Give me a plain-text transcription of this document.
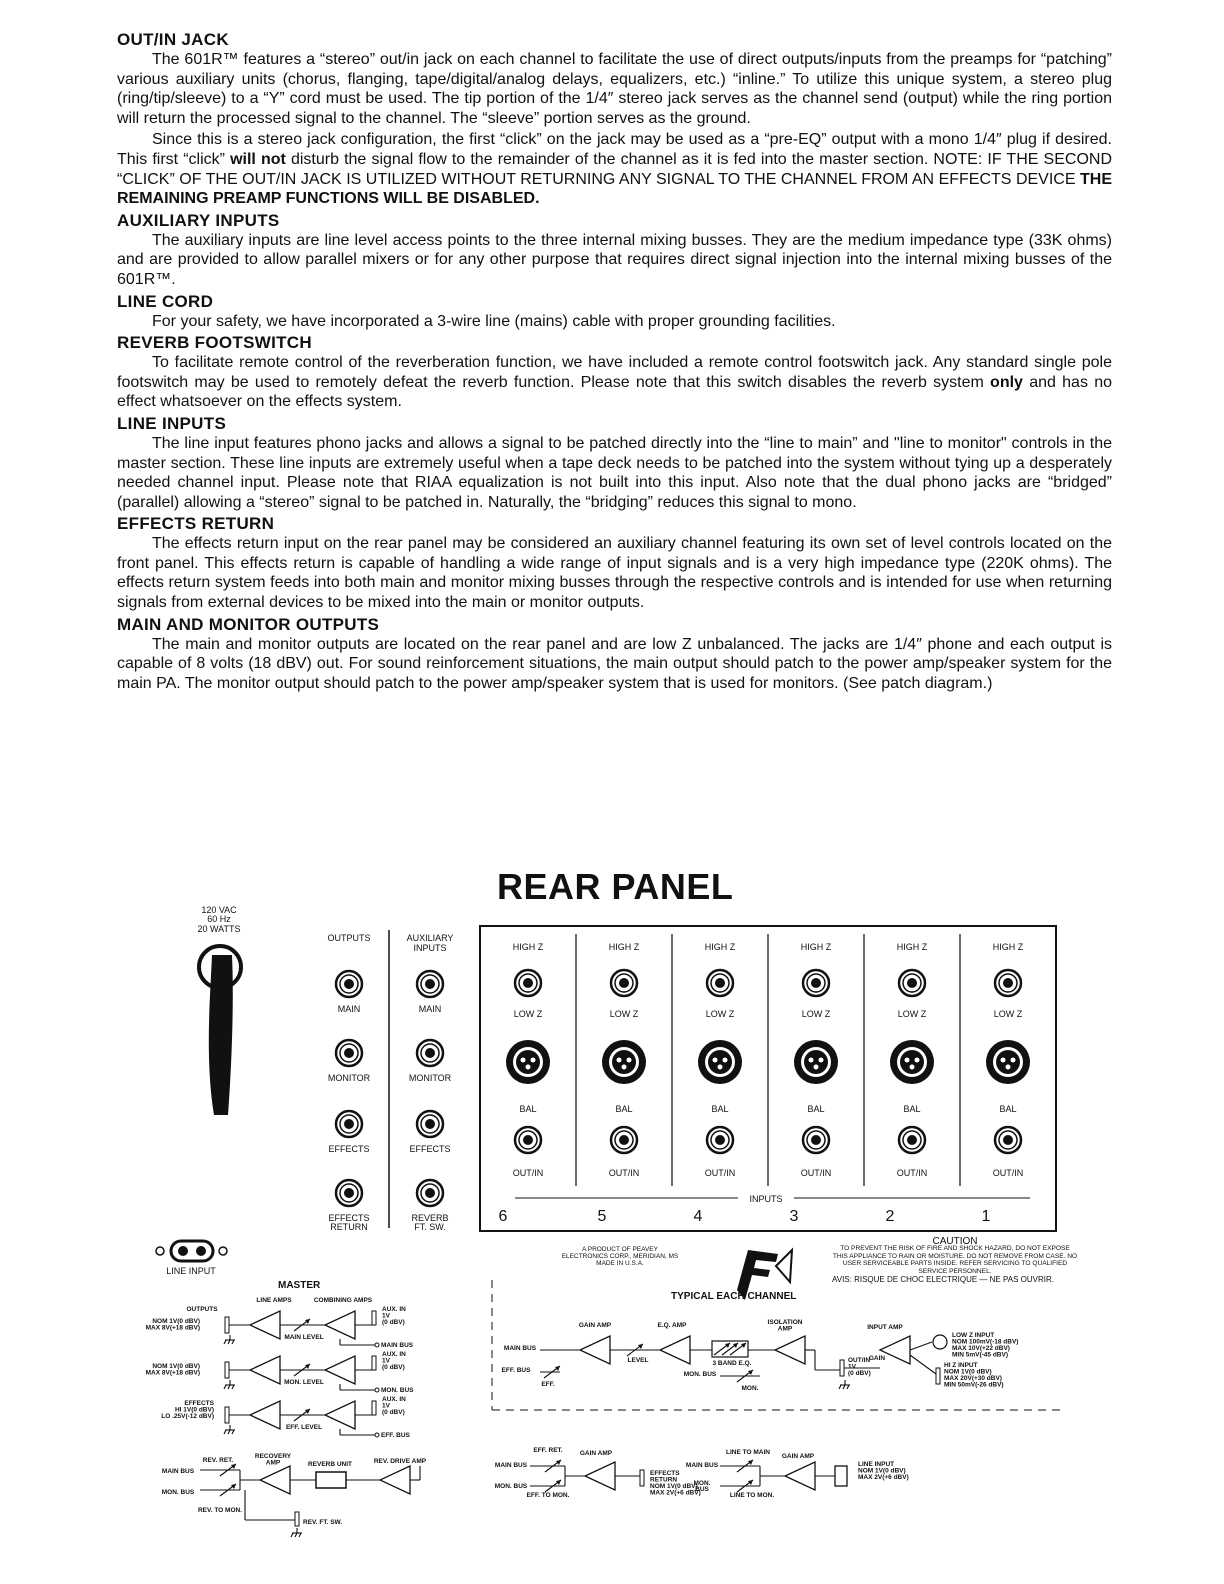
OUT/IN JACK

The 601R™ features a “stereo” out/in jack on each channel to facilitate the use of direct outputs/inputs from the preamps for “patching” various auxiliary units (chorus, flanging, tape/digital/analog delays, equalizers, etc.) “inline.” To utilize this unique system, a stereo plug (ring/tip/sleeve) to a “Y” cord must be used. The tip portion of the 1/4″ stereo jack serves as the channel send (output) while the ring portion will return the processed signal to the channel. The “sleeve” portion serves as the ground.

Since this is a stereo jack configuration, the first “click” on the jack may be used as a “pre-EQ” output with a mono 1/4″ plug if desired. This first “click” will not disturb the signal flow to the remainder of the channel as it is fed into the master section. NOTE: IF THE SECOND “CLICK” OF THE OUT/IN JACK IS UTILIZED WITHOUT RETURNING ANY SIGNAL TO THE CHANNEL FROM AN EFFECTS DEVICE THE REMAINING PREAMP FUNCTIONS WILL BE DISABLED.

AUXILIARY INPUTS

The auxiliary inputs are line level access points to the three internal mixing busses. They are the medium impedance type (33K ohms) and are provided to allow parallel mixers or for any other purpose that requires direct signal injection into the internal mixing busses of the 601R™.

LINE CORD

For your safety, we have incorporated a 3-wire line (mains) cable with proper grounding facilities.

REVERB FOOTSWITCH

To facilitate remote control of the reverberation function, we have included a remote control footswitch jack. Any standard single pole footswitch may be used to remotely defeat the reverb function. Please note that this switch disables the reverb system only and has no effect whatsoever on the effects system.

LINE INPUTS

The line input features phono jacks and allows a signal to be patched directly into the “line to main” and "line to monitor" controls in the master section. These line inputs are extremely useful when a tape deck needs to be patched into the system without tying up a desperately needed channel input. Please note that RIAA equalization is not built into this input. Also note that the dual phono jacks are “bridged” (parallel) allowing a “stereo” signal to be patched in. Naturally, the “bridging” reduces this signal to mono.

EFFECTS RETURN

The effects return input on the rear panel may be considered an auxiliary channel featuring its own set of level controls located on the front panel. This effects return is capable of handling a wide range of input signals and is a very high impedance type (220K ohms). The effects return system feeds into both main and monitor mixing busses through the respective controls and is intended for use when returning signals from external devices to be mixed into the main or monitor outputs.

MAIN AND MONITOR OUTPUTS

The main and monitor outputs are located on the rear panel and are low Z unbalanced. The jacks are 1/4″ phone and each output is capable of 8 volts (18 dBV) out. For sound reinforcement situations, the main output should patch to the power amp/speaker system for the main PA. The monitor output should patch to the power amp/speaker system that is used for monitors. (See patch diagram.)

REAR PANEL
120 VAC
60 Hz
20 WATTS
OUTPUTS	AUXILIARY
INPUTS
MAIN	MAIN
MONITOR	MONITOR
EFFECTS	EFFECTS
EFFECTS
RETURN
REVERB
FT. SW.
HIGH Z
LOW Z
BAL
OUT/IN
6
HIGH Z
LOW Z
BAL
OUT/IN
5
HIGH Z
LOW Z
BAL
OUT/IN
4
HIGH Z
LOW Z
BAL
OUT/IN
3
HIGH Z
LOW Z
BAL
OUT/IN
2
HIGH Z
LOW Z
BAL
OUT/IN
1
INPUTS
LINE INPUT
OUTPUTS
LINE AMPS	COMBINING AMPS
NOM 1V(0 dBV)
MAX 8V(+18 dBV)
MAIN LEVEL
AUX. IN
1V
(0 dBV)
MAIN BUS
NOM 1V(0 dBV)
MAX 8V(+18 dBV)
MON. LEVEL
AUX. IN
1V
(0 dBV)
MON. BUS
EFFECTS
HI 1V(0 dBV)
LO .25V(-12 dBV)
EFF. LEVEL
AUX. IN
1V
(0 dBV)
EFF. BUS
REV. RET.
RECOVERY
AMP	REVERB UNIT	REV. DRIVE AMP
MAIN BUS
MON. BUS
REV. TO MON.
REV. FT. SW.
MAIN BUS
EFF. BUS
GAIN AMP	E.Q. AMP	ISOLATION
AMP	INPUT AMP
LEVEL	3 BAND E.Q.
MON. BUS
MON.
EFF.
OUT/IN
1V
(0 dBV)
GAIN
LOW Z INPUT
NOM 100mV(-18 dBV)
MAX 10V(+22 dBV)
MIN 5mV(-45 dBV)
HI Z INPUT
NOM 1V(0 dBV)
MAX 20V(+30 dBV)
MIN 50mV(-26 dBV)
EFF. RET.	GAIN AMP
MAIN BUS
MON. BUS
EFFECTS
RETURN
NOM 1V(0 dBV)
MAX 2V(+6 dBV)
EFF. TO MON.
LINE TO MAIN
GAIN AMP
MAIN BUS
MON.
BUS
LINE INPUT
NOM 1V(0 dBV)
MAX 2V(+6 dBV)
LINE TO MON.
A PRODUCT OF PEAVEY
ELECTRONICS CORP., MERIDIAN, MS
MADE IN U.S.A.
CAUTION
TO PREVENT THE RISK OF FIRE AND SHOCK HAZARD, DO NOT EXPOSE THIS APPLIANCE TO RAIN OR MOISTURE. DO NOT REMOVE FROM CASE. NO USER SERVICEABLE PARTS INSIDE. REFER SERVICING TO QUALIFIED SERVICE PERSONNEL.
AVIS: RISQUE DE CHOC ELECTRIQUE — NE PAS OUVRIR.
MASTER
TYPICAL EACH CHANNEL
